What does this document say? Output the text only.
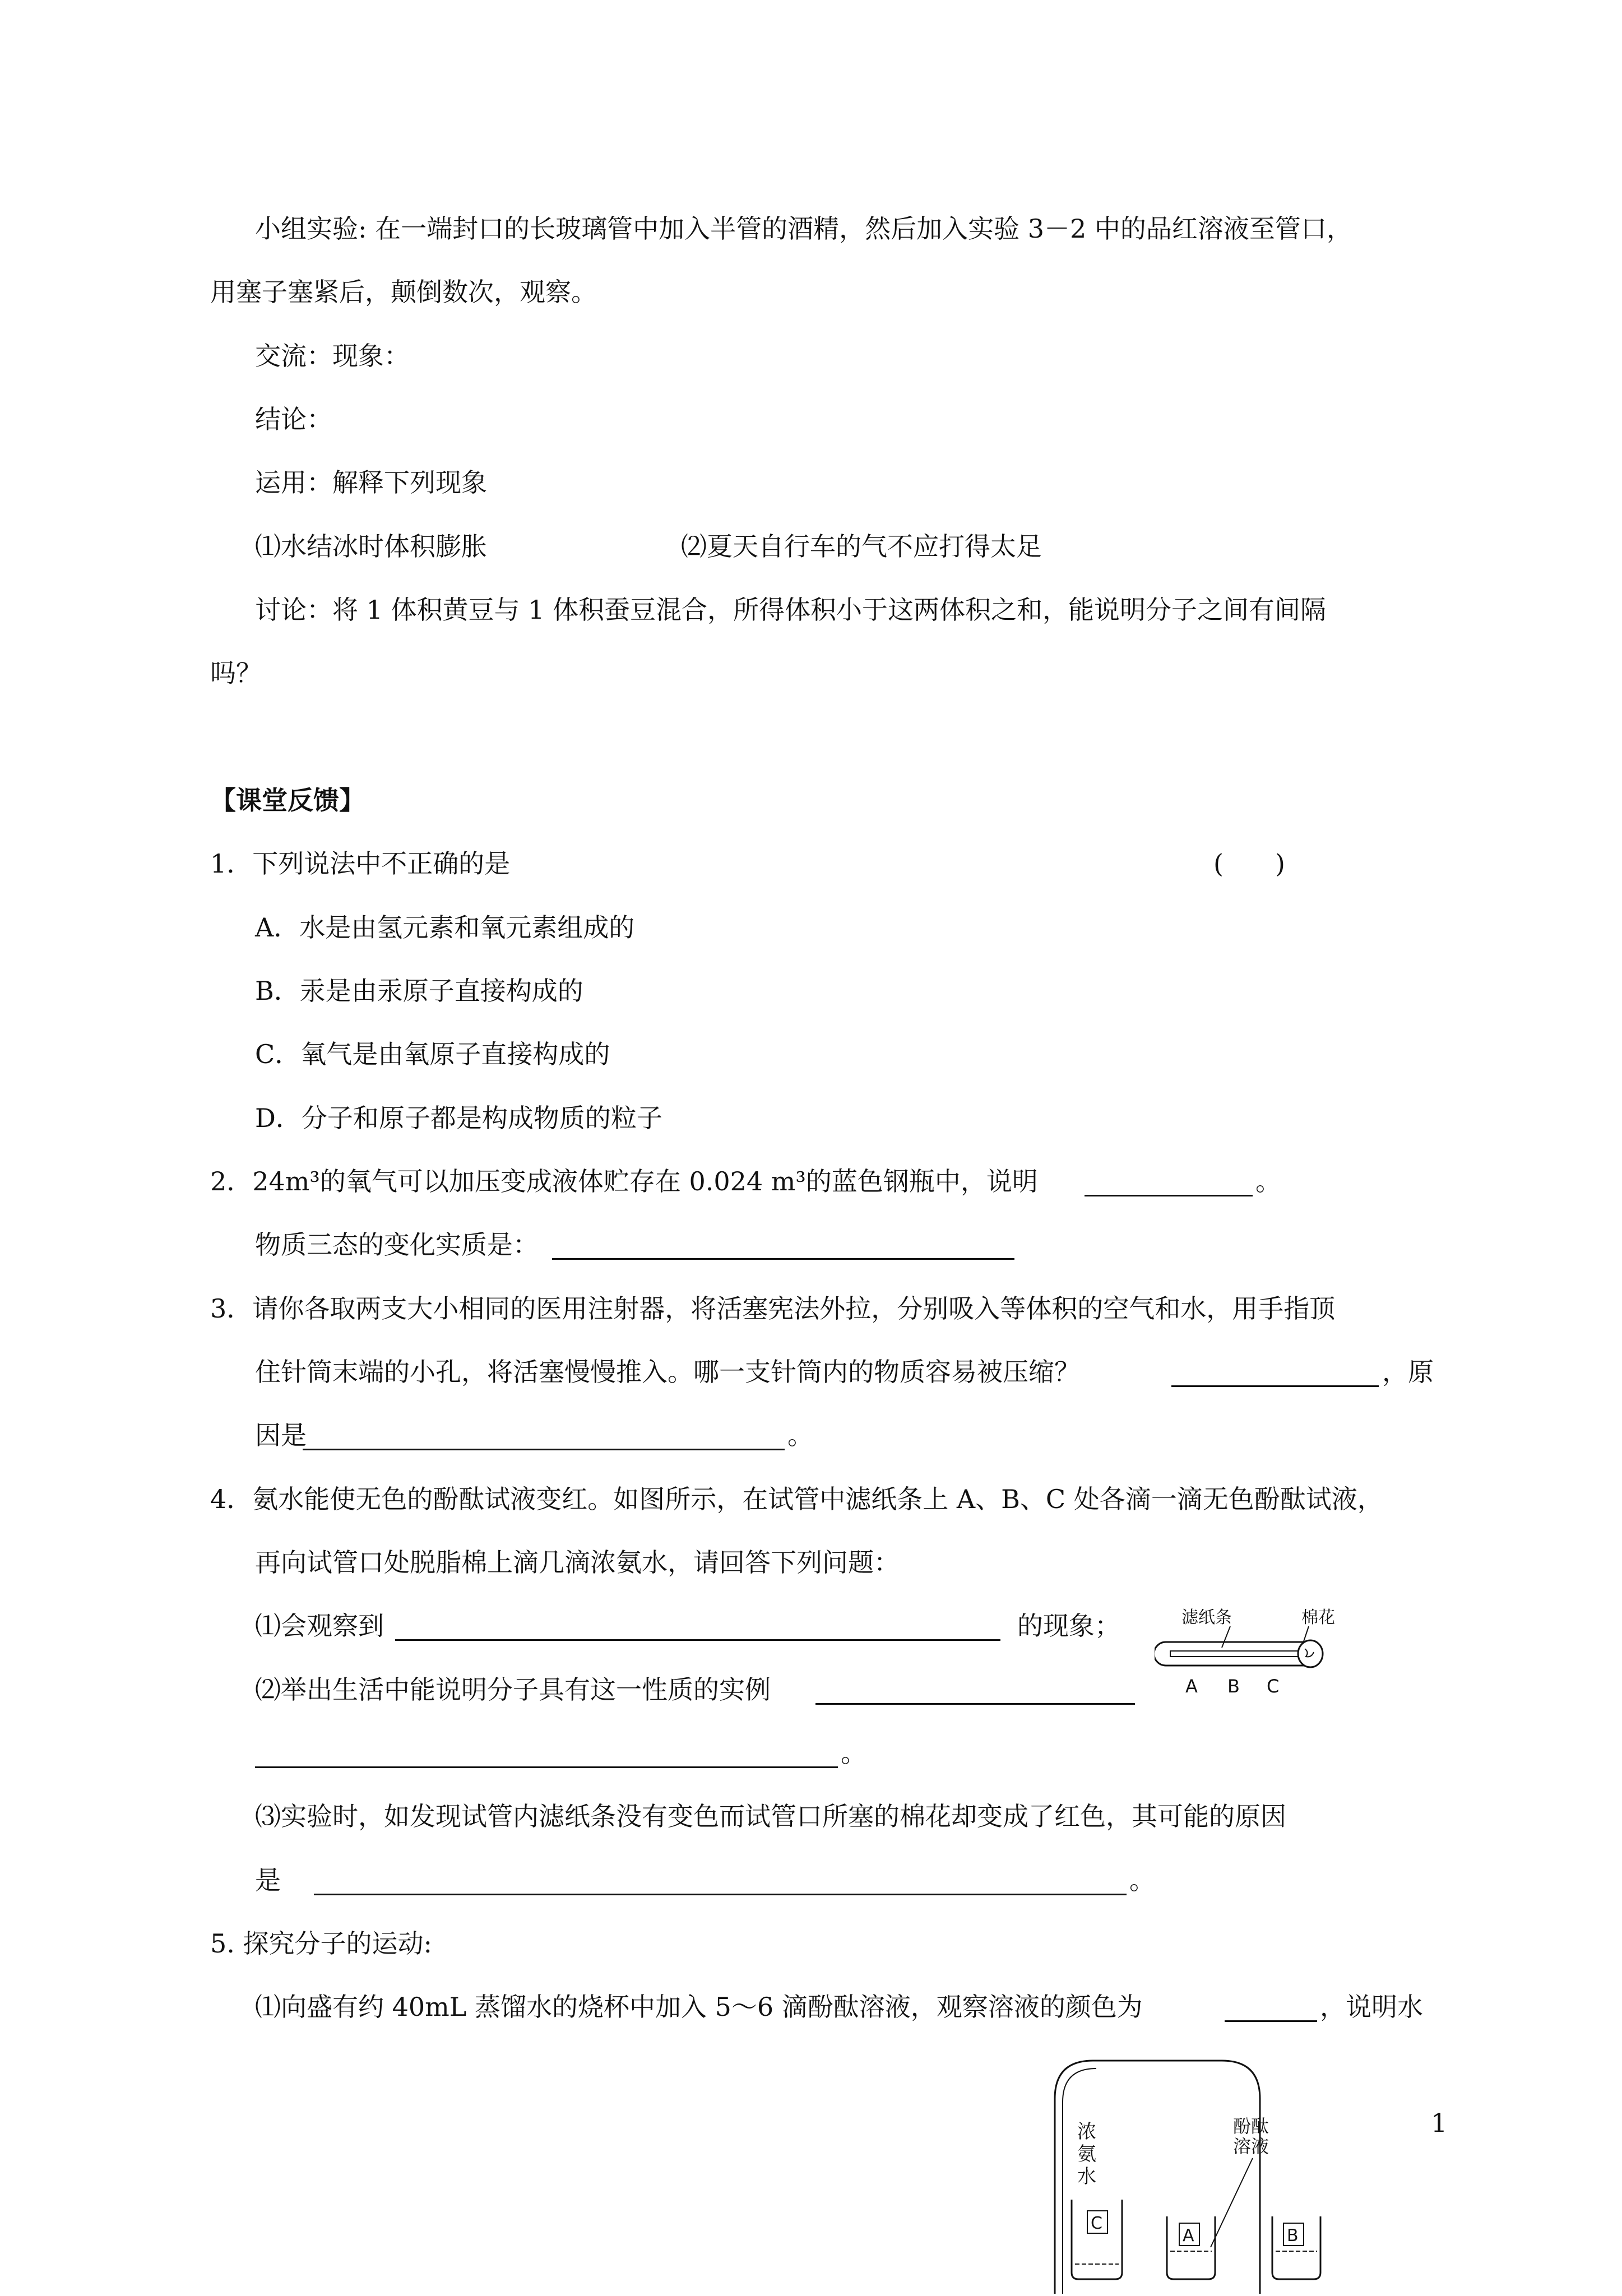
小组实验: 在一端封口的长玻璃管中加入半管的酒精，然后加入实验 3－2 中的品红溶液至管口，
用塞子塞紧后，颠倒数次，观察。
交流：现象：
结论：
运用：解释下列现象
⑴水结冰时体积膨胀	⑵夏天自行车的气不应打得太足
讨论：将 1 体积黄豆与 1 体积蚕豆混合，所得体积小于这两体积之和，能说明分子之间有间隔
吗？
【课堂反馈】
1．下列说法中不正确的是	(　　)
A．水是由氢元素和氧元素组成的
B．汞是由汞原子直接构成的
C．氧气是由氧原子直接构成的
D．分子和原子都是构成物质的粒子
2．24m³的氧气可以加压变成液体贮存在 0.024 m³的蓝色钢瓶中，说明	。
物质三态的变化实质是：
3．请你各取两支大小相同的医用注射器，将活塞宪法外拉，分别吸入等体积的空气和水，用手指顶
住针筒末端的小孔，将活塞慢慢推入。哪一支针筒内的物质容易被压缩？	，原
因是	。
4．氨水能使无色的酚酞试液变红。如图所示，在试管中滤纸条上 A、B、C 处各滴一滴无色酚酞试液，
再向试管口处脱脂棉上滴几滴浓氨水，请回答下列问题：
⑴会观察到	的现象；
⑵举出生活中能说明分子具有这一性质的实例
。
⑶实验时，如发现试管内滤纸条没有变色而试管口所塞的棉花却变成了红色，其可能的原因
是	。
滤纸条	棉花
A B C
5. 探究分子的运动:
⑴向盛有约 40mL 蒸馏水的烧杯中加入 5～6 滴酚酞溶液，观察溶液的颜色为	，说明水
浓
氨
水
C
A
酚酞
溶液
B
1
